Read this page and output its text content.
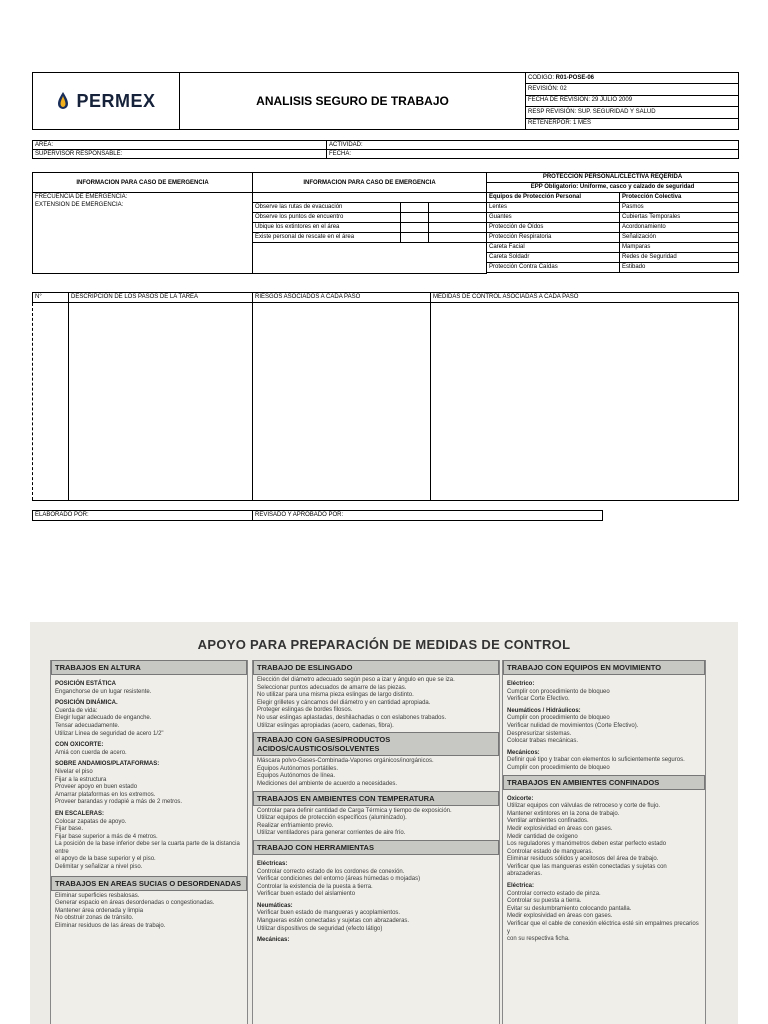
PERMEX	ANALISIS SEGURO DE TRABAJO

CODIGO: R01-POSE-06
REVISIÓN: 02
FECHA DE REVISIÓN: 29 JULIO 2009
RESP REVISIÓN: SUP. SEGURIDAD Y SALUD
RETENERPOR: 1 MES
AREA:	ACTIVIDAD:
SUPERVISOR RESPONSABLE:	FECHA:
INFORMACION PARA CASO DE EMERGENCIA	INFORMACION PARA CASO DE EMERGENCIA			PROTECCION PERSONAL/CLECTIVA REQERIDA	
				EPP Obligatorio: Uniforme, casco y calzado de seguridad	

FRECUENCIA DE EMERGENCIA:
EXTENSION DE EMERGENCIA:				Equipos de Protección Personal	Protección Colectiva
	Observe las rutas de evacuación			Lentes	Pasmos
	Observe los puntos de encuentro			Guantes	Cubiertas Temporales
	Ubique los extintores en el área			Protección de Oídos	Acordonamiento
	Existe personal de rescate en el área			Protección Respiratoria	Señalización
				Careta Facial	Mamparas
				Careta Soldadr	Redes de Seguridad
				Protección Contra Caídas	Estibado

N°	DESCRIPCION DE LOS PASOS DE LA TAREA	RIESGOS ASOCIADOS A CADA PASO	MEDIDAS DE CONTROL ASOCIADAS A CADA PASO

ELABORADO POR:	REVISADO Y APROBADO POR:
APOYO PARA PREPARACIÓN DE MEDIDAS DE CONTROL
TRABAJOS EN ALTURA
POSICIÓN ESTÁTICA
Enganchorse de un lugar resistente.
POSICIÓN DINÁMICA.
Cuerda de vida:
Elegir lugar adecuado de enganche.
Tensar adecuadamente.
Utilizar Línea de seguridad de acero 1/2"
CON OXICORTE:
Amiá con cuerda de acero.
SOBRE ANDAMIOS/PLATAFORMAS:
Nivelar el piso
Fijar a la estructura
Proveer apoyo en buen estado
Amarrar plataformas en los extremos.
Proveer barandas y rodapié a más de 2 metros.
EN ESCALERAS:
Colocar zapatas de apoyo.
Fijar base.
Fijar base superior a más de 4 metros.
La posición de la base inferior debe ser la cuarta parte de la distancia entre
el apoyo de la base superior y el piso.
Delimitar y señalizar a nivel piso.
TRABAJOS EN AREAS SUCIAS O DESORDENADAS
Eliminar superficies resbalosas.
Generar espacio en áreas desordenadas o congestionadas.
Mantener área ordenada y limpia
No obstruir zonas de tránsito.
Eliminar residuos de las áreas de trabajo.
TRABAJO DE ESLINGADO
Elección del diámetro adecuado según peso a izar y ángulo en que se iza.
Seleccionar puntos adecuados de amarre de las piezas.
No utilizar para una misma pieza eslingas de largo distinto.
Elegir grilletes y cáncamos del diámetro y en cantidad apropiada.
Proteger eslingas de bordes filosos.
No usar eslingas aplastadas, deshilachadas o con eslabones trabados.
Utilizar eslingas apropiadas (acero, cadenas, fibra).
TRABAJO CON GASES/PRODUCTOS ACIDOS/CAUSTICOS/SOLVENTES
Máscara polvo-Gases-Combinada-Vapores orgánicos/inorgánicos.
Equipos Autónomos portátiles.
Equipos Autónomos de línea.
Mediciones del ambiente de acuerdo a necesidades.
TRABAJOS EN AMBIENTES CON TEMPERATURA
Controlar para definir cantidad de Carga Térmica y tiempo de exposición.
Utilizar equipos de protección específicos (aluminizado).
Realizar enfriamiento previo.
Utilizar ventiladores para generar corrientes de aire frío.
TRABAJO CON HERRAMIENTAS
Eléctricas:
Controlar correcto estado de los cordones de conexión.
Verificar condiciones del entorno (áreas húmedas o mojadas)
Controlar la existencia de la puesta a tierra.
Verificar buen estado del aislamiento
Neumáticas:
Verificar buen estado de mangueras y acoplamientos.
Mangueras estén conectadas y sujetas con abrazaderas.
Utilizar dispositivos de seguridad (efecto látigo)
Mecánicas:
TRABAJO CON EQUIPOS EN MOVIMIENTO
Eléctrico:
Cumplir con procedimiento de bloqueo
Verificar Corte Efectivo.
Neumáticos / Hidráulicos:
Cumplir con procedimiento de bloqueo
Verificar nulidad de movimientos (Corte Efectivo).
Despresurizar sistemas.
Colocar trabas mecánicas.
Mecánicos:
Definir qué tipo y trabar con elementos lo suficientemente seguros.
Cumplir con procedimiento de bloqueo
TRABAJOS EN AMBIENTES CONFINADOS
Oxicorte:
Utilizar equipos con válvulas de retroceso y corte de flujo.
Mantener extintores en la zona de trabajo.
Ventilar ambientes confinados.
Medir explosividad en áreas con gases.
Medir cantidad de oxígeno
Los reguladores y manómetros deben estar perfecto estado
Controlar estado de mangueras.
Eliminar residuos sólidos y aceitosos del área de trabajo.
Verificar que las mangueras estén conectadas y sujetas con abrazaderas.
Eléctrica:
Controlar correcto estado de pinza.
Controlar su puesta a tierra.
Evitar su deslumbramiento colocando pantalla.
Medir explosividad en áreas con gases.
Verificar que el cable de conexión eléctrica esté sin empalmes precarios y
con su respectiva ficha.
